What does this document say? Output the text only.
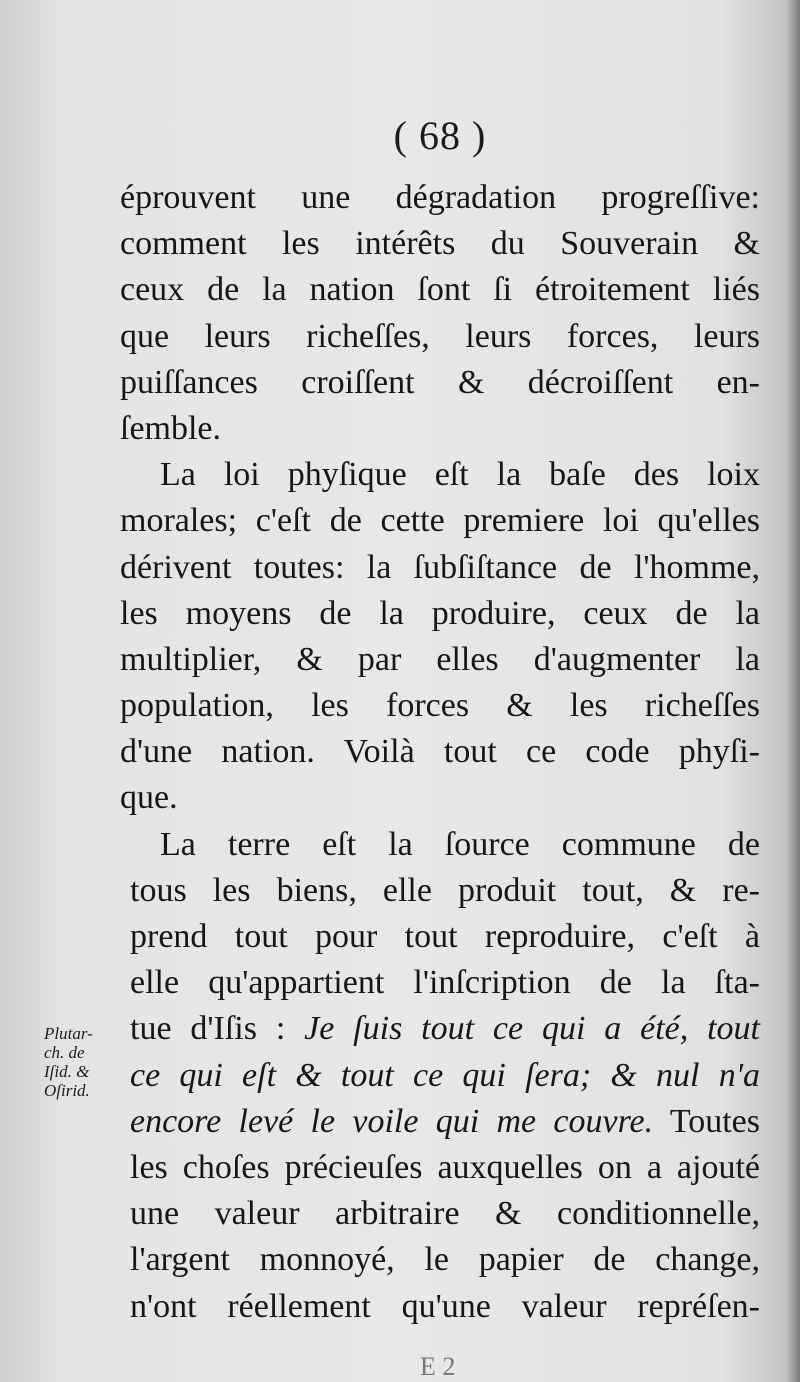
( 68 )
éprouvent une dégradation progreſſive:
comment les intérêts du Souverain &
ceux de la nation ſont ſi étroitement liés
que leurs richeſſes, leurs forces, leurs
puiſſances croiſſent & décroiſſent en-
ſemble.
La loi phyſique eſt la baſe des loix
morales; c'eſt de cette premiere loi qu'elles
dérivent toutes: la ſubſiſtance de l'homme,
les moyens de la produire, ceux de la
multiplier, & par elles d'augmenter la
population, les forces & les richeſſes
d'une nation. Voilà tout ce code phyſi-
que.
La terre eſt la ſource commune de
tous les biens, elle produit tout, & re-
prend tout pour tout reproduire, c'eſt à
elle qu'appartient l'inſcription de la ſta-
tue d'Iſis : Je ſuis tout ce qui a été, tout
ce qui eſt & tout ce qui ſera; & nul n'a
encore levé le voile qui me couvre. Toutes
les choſes précieuſes auxquelles on a ajouté
une valeur arbitraire & conditionnelle,
l'argent monnoyé, le papier de change,
n'ont réellement qu'une valeur repréſen-
Plutar-
ch. de
Iſid. &
Oſirid.
E 2
